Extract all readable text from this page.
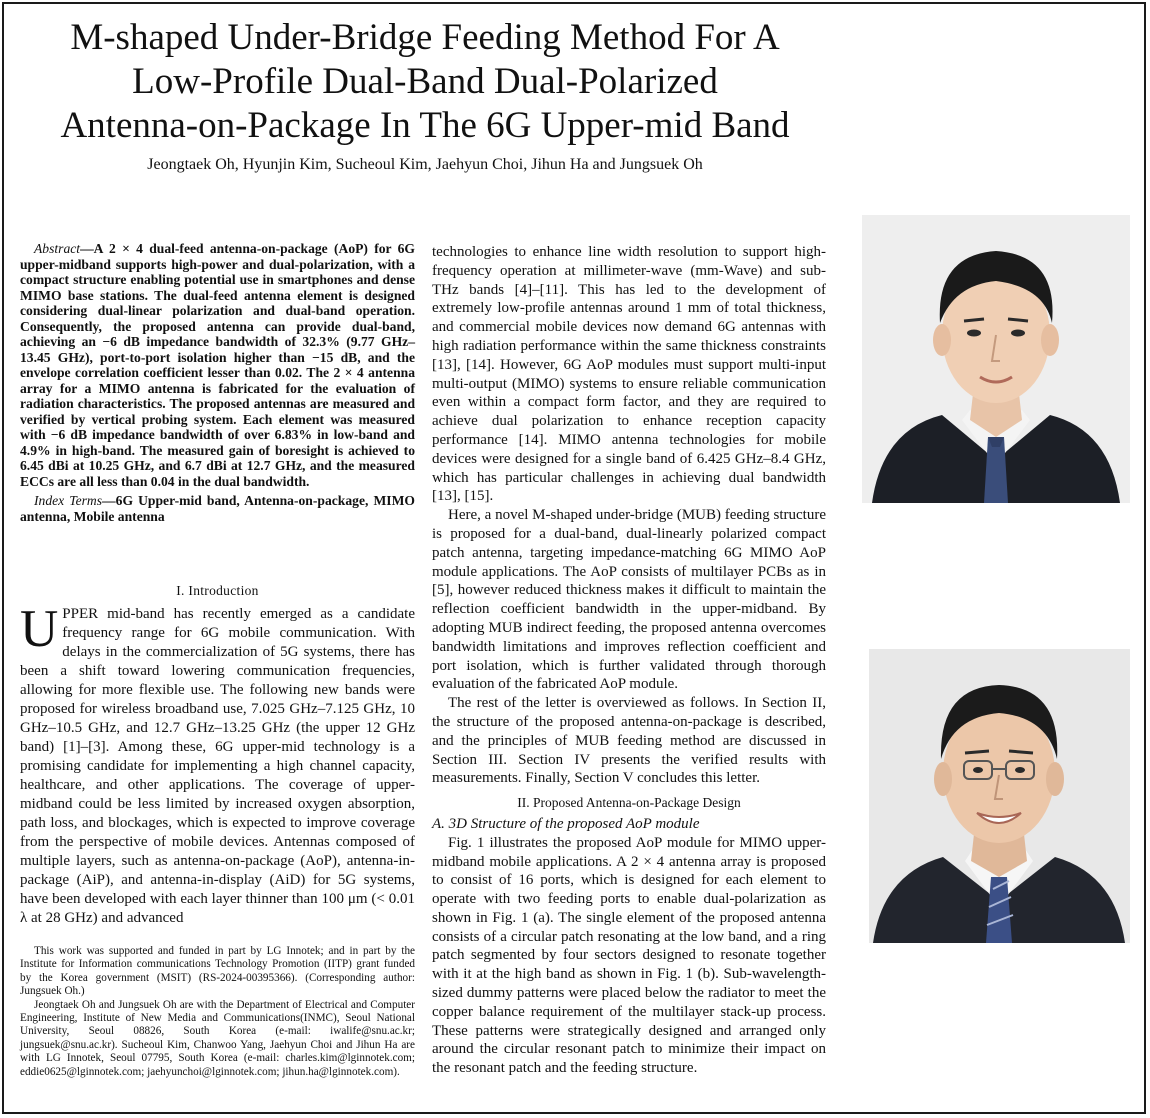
M-shaped Under-Bridge Feeding Method For A
Low-Profile Dual-Band Dual-Polarized
Antenna-on-Package In The 6G Upper-mid Band
Jeongtaek Oh, Hyunjin Kim, Sucheoul Kim, Jaehyun Choi, Jihun Ha and Jungsuek Oh

Abstract—A 2 × 4 dual-feed antenna-on-package (AoP) for 6G upper-midband supports high-power and dual-polarization, with a compact structure enabling potential use in smartphones and dense MIMO base stations. The dual-feed antenna element is designed considering dual-linear polarization and dual-band operation. Consequently, the proposed antenna can provide dual-band, achieving an −6 dB impedance bandwidth of 32.3% (9.77 GHz–13.45 GHz), port-to-port isolation higher than −15 dB, and the envelope correlation coefficient lesser than 0.02. The 2 × 4 antenna array for a MIMO antenna is fabricated for the evaluation of radiation characteristics. The proposed antennas are measured and verified by vertical probing system. Each element was measured with −6 dB impedance bandwidth of over 6.83% in low-band and 4.9% in high-band. The measured gain of boresight is achieved to 6.45 dBi at 10.25 GHz, and 6.7 dBi at 12.7 GHz, and the measured ECCs are all less than 0.04 in the dual bandwidth.

Index Terms—6G Upper-mid band, Antenna-on-package, MIMO antenna, Mobile antenna

I. Introduction

UPPER mid-band has recently emerged as a candidate frequency range for 6G mobile communication. With delays in the commercialization of 5G systems, there has been a shift toward lowering communication frequencies, allowing for more flexible use. The following new bands were proposed for wireless broadband use, 7.025 GHz–7.125 GHz, 10 GHz–10.5 GHz, and 12.7 GHz–13.25 GHz (the upper 12 GHz band) [1]–[3]. Among these, 6G upper-mid technology is a promising candidate for implementing a high channel capacity, healthcare, and other applications. The coverage of upper-midband could be less limited by increased oxygen absorption, path loss, and blockages, which is expected to improve coverage from the perspective of mobile devices. Antennas composed of multiple layers, such as antenna-on-package (AoP), antenna-in-package (AiP), and antenna-in-display (AiD) for 5G systems, have been developed with each layer thinner than 100 μm (< 0.01 λ at 28 GHz) and advanced

This work was supported and funded in part by LG Innotek; and in part by the Institute for Information communications Technology Promotion (IITP) grant funded by the Korea government (MSIT) (RS-2024-00395366). (Corresponding author: Jungsuek Oh.)

Jeongtaek Oh and Jungsuek Oh are with the Department of Electrical and Computer Engineering, Institute of New Media and Communications(INMC), Seoul National University, Seoul 08826, South Korea (e-mail: iwalife@snu.ac.kr; jungsuek@snu.ac.kr). Sucheoul Kim, Chanwoo Yang, Jaehyun Choi and Jihun Ha are with LG Innotek, Seoul 07795, South Korea (e-mail: charles.kim@lginnotek.com; eddie0625@lginnotek.com; jaehyunchoi@lginnotek.com; jihun.ha@lginnotek.com).

technologies to enhance line width resolution to support high-frequency operation at millimeter-wave (mm-Wave) and sub-THz bands [4]–[11]. This has led to the development of extremely low-profile antennas around 1 mm of total thickness, and commercial mobile devices now demand 6G antennas with high radiation performance within the same thickness constraints [13], [14]. However, 6G AoP modules must support multi-input multi-output (MIMO) systems to ensure reliable communication even within a compact form factor, and they are required to achieve dual polarization to enhance reception capacity performance [14]. MIMO antenna technologies for mobile devices were designed for a single band of 6.425 GHz–8.4 GHz, which has particular challenges in achieving dual bandwidth [13], [15].

Here, a novel M-shaped under-bridge (MUB) feeding structure is proposed for a dual-band, dual-linearly polarized compact patch antenna, targeting impedance-matching 6G MIMO AoP module applications. The AoP consists of multilayer PCBs as in [5], however reduced thickness makes it difficult to maintain the reflection coefficient bandwidth in the upper-midband. By adopting MUB indirect feeding, the proposed antenna overcomes bandwidth limitations and improves reflection coefficient and port isolation, which is further validated through thorough evaluation of the fabricated AoP module.

The rest of the letter is overviewed as follows. In Section II, the structure of the proposed antenna-on-package is described, and the principles of MUB feeding method are discussed in Section III. Section IV presents the verified results with measurements. Finally, Section V concludes this letter.

II. Proposed Antenna-on-Package Design

A. 3D Structure of the proposed AoP module

Fig. 1 illustrates the proposed AoP module for MIMO upper-midband mobile applications. A 2 × 4 antenna array is proposed to consist of 16 ports, which is designed for each element to operate with two feeding ports to enable dual-polarization as shown in Fig. 1 (a). The single element of the proposed antenna consists of a circular patch resonating at the low band, and a ring patch segmented by four sectors designed to resonate together with it at the high band as shown in Fig. 1 (b). Sub-wavelength-sized dummy patterns were placed below the radiator to meet the copper balance requirement of the multilayer stack-up process. These patterns were strategically designed and arranged only around the circular resonant patch to minimize their impact on the resonant patch and the feeding structure.
